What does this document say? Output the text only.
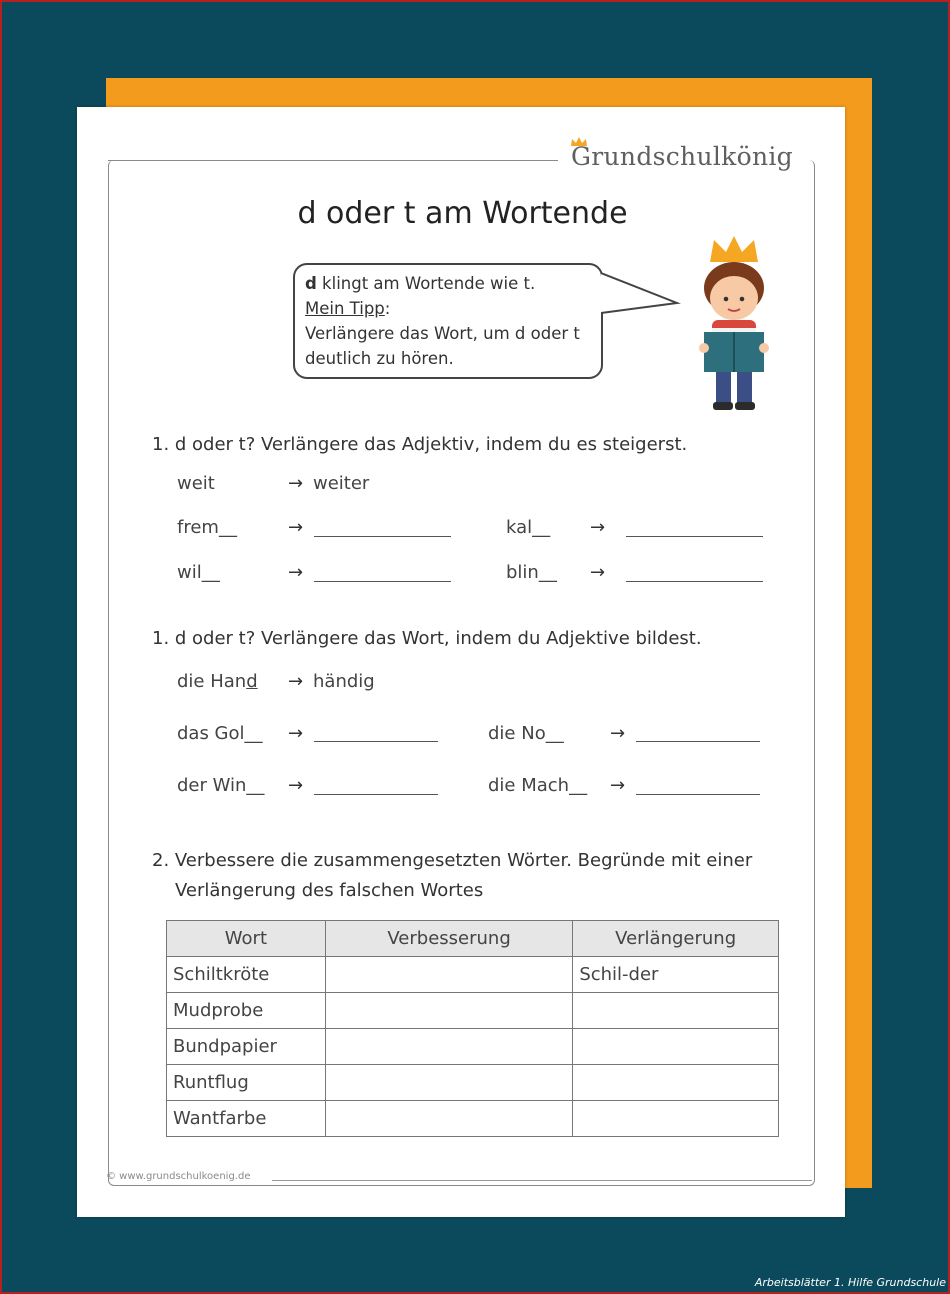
Grundschulkönig
d oder t am Wortende
d klingt am Wortende wie t.
Mein Tipp:
Verlängere das Wort, um d oder t
deutlich zu hören.
1. d oder t? Verlängere das Adjektiv, indem du es steigerst.
weit	→ weiter
frem__	→	kal__ →
wil__	→	blin__ →
1. d oder t? Verlängere das Wort, indem du Adjektive bildest.
die Hand → händig
das Gol__ →	die No__	→
der Win__ →	die Mach__ →
2. Verbessere die zusammengesetzten Wörter. Begründe mit einer
Verlängerung des falschen Wortes
Wort	Verbesserung	Verlängerung
Schiltkröte		Schil-der
Mudprobe		
Bundpapier		
Runtflug		
Wantfarbe		
© www.grundschulkoenig.de
Arbeitsblätter 1. Hilfe Grundschule
